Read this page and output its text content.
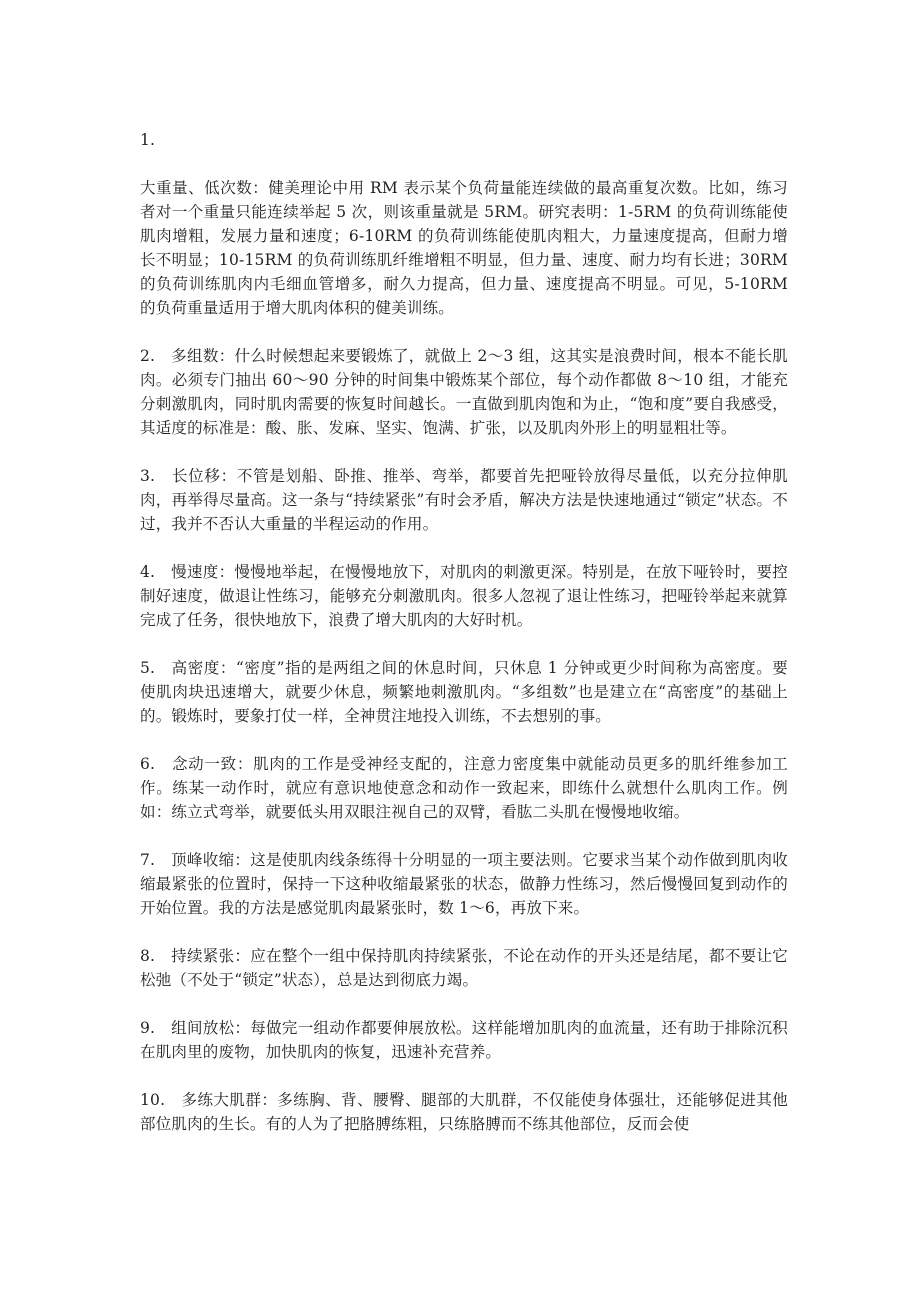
1.
大重量、低次数：健美理论中用 RM 表示某个负荷量能连续做的最高重复次数。比如，练习者对一个重量只能连续举起 5 次，则该重量就是 5RM。研究表明：1-5RM 的负荷训练能使肌肉增粗，发展力量和速度；6-10RM 的负荷训练能使肌肉粗大，力量速度提高，但耐力增长不明显；10-15RM 的负荷训练肌纤维增粗不明显，但力量、速度、耐力均有长进；30RM 的负荷训练肌肉内毛细血管增多，耐久力提高，但力量、速度提高不明显。可见，5-10RM 的负荷重量适用于增大肌肉体积的健美训练。
2.　多组数：什么时候想起来要锻炼了，就做上 2～3 组，这其实是浪费时间，根本不能长肌肉。必须专门抽出 60～90 分钟的时间集中锻炼某个部位，每个动作都做 8～10 组，才能充分刺激肌肉，同时肌肉需要的恢复时间越长。一直做到肌肉饱和为止，“饱和度”要自我感受，其适度的标准是：酸、胀、发麻、坚实、饱满、扩张，以及肌肉外形上的明显粗壮等。
3.　长位移：不管是划船、卧推、推举、弯举，都要首先把哑铃放得尽量低，以充分拉伸肌肉，再举得尽量高。这一条与“持续紧张”有时会矛盾，解决方法是快速地通过“锁定”状态。不过，我并不否认大重量的半程运动的作用。
4.　慢速度：慢慢地举起，在慢慢地放下，对肌肉的刺激更深。特别是，在放下哑铃时，要控制好速度，做退让性练习，能够充分刺激肌肉。很多人忽视了退让性练习，把哑铃举起来就算完成了任务，很快地放下，浪费了增大肌肉的大好时机。
5.　高密度：“密度”指的是两组之间的休息时间，只休息 1 分钟或更少时间称为高密度。要使肌肉块迅速增大，就要少休息，频繁地刺激肌肉。“多组数”也是建立在“高密度”的基础上的。锻炼时，要象打仗一样，全神贯注地投入训练，不去想别的事。
6.　念动一致：肌肉的工作是受神经支配的，注意力密度集中就能动员更多的肌纤维参加工作。练某一动作时，就应有意识地使意念和动作一致起来，即练什么就想什么肌肉工作。例如：练立式弯举，就要低头用双眼注视自己的双臂，看肱二头肌在慢慢地收缩。
7.　顶峰收缩：这是使肌肉线条练得十分明显的一项主要法则。它要求当某个动作做到肌肉收缩最紧张的位置时，保持一下这种收缩最紧张的状态，做静力性练习，然后慢慢回复到动作的开始位置。我的方法是感觉肌肉最紧张时，数 1～6，再放下来。
8.　持续紧张：应在整个一组中保持肌肉持续紧张，不论在动作的开头还是结尾，都不要让它松弛（不处于“锁定”状态），总是达到彻底力竭。
9.　组间放松：每做完一组动作都要伸展放松。这样能增加肌肉的血流量，还有助于排除沉积在肌肉里的废物，加快肌肉的恢复，迅速补充营养。
10.　多练大肌群：多练胸、背、腰臀、腿部的大肌群，不仅能使身体强壮，还能够促进其他部位肌肉的生长。有的人为了把胳膊练粗，只练胳膊而不练其他部位，反而会使
